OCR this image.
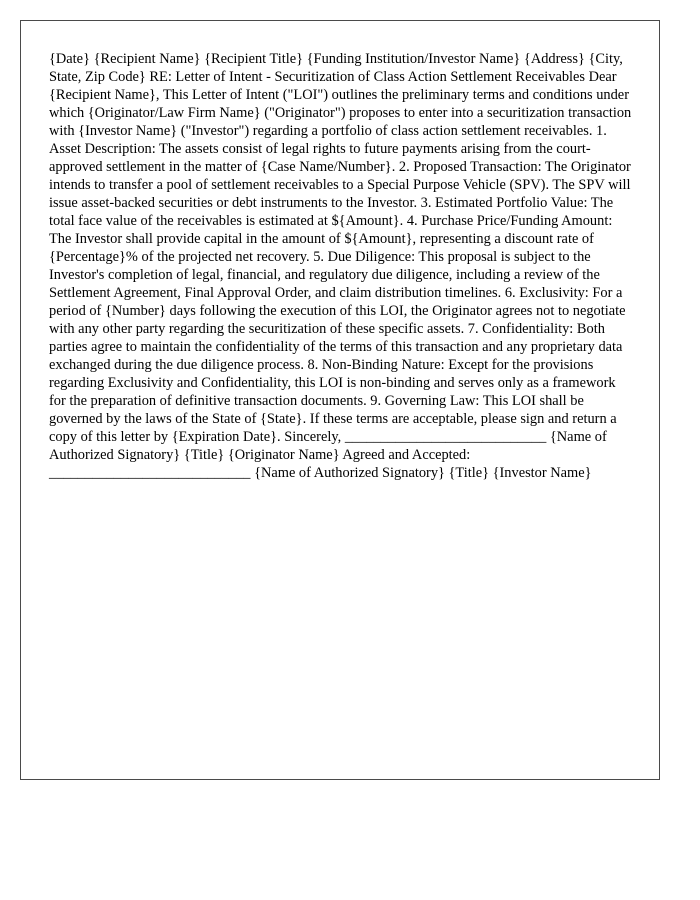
{Date} {Recipient Name} {Recipient Title} {Funding Institution/Investor Name} {Address} {City, State, Zip Code} RE: Letter of Intent - Securitization of Class Action Settlement Receivables Dear {Recipient Name}, This Letter of Intent ("LOI") outlines the preliminary terms and conditions under which {Originator/Law Firm Name} ("Originator") proposes to enter into a securitization transaction with {Investor Name} ("Investor") regarding a portfolio of class action settlement receivables. 1. Asset Description: The assets consist of legal rights to future payments arising from the court-approved settlement in the matter of {Case Name/Number}. 2. Proposed Transaction: The Originator intends to transfer a pool of settlement receivables to a Special Purpose Vehicle (SPV). The SPV will issue asset-backed securities or debt instruments to the Investor. 3. Estimated Portfolio Value: The total face value of the receivables is estimated at ${Amount}. 4. Purchase Price/Funding Amount: The Investor shall provide capital in the amount of ${Amount}, representing a discount rate of {Percentage}% of the projected net recovery. 5. Due Diligence: This proposal is subject to the Investor's completion of legal, financial, and regulatory due diligence, including a review of the Settlement Agreement, Final Approval Order, and claim distribution timelines. 6. Exclusivity: For a period of {Number} days following the execution of this LOI, the Originator agrees not to negotiate with any other party regarding the securitization of these specific assets. 7. Confidentiality: Both parties agree to maintain the confidentiality of the terms of this transaction and any proprietary data exchanged during the due diligence process. 8. Non-Binding Nature: Except for the provisions regarding Exclusivity and Confidentiality, this LOI is non-binding and serves only as a framework for the preparation of definitive transaction documents. 9. Governing Law: This LOI shall be governed by the laws of the State of {State}. If these terms are acceptable, please sign and return a copy of this letter by {Expiration Date}. Sincerely, ____________________________ {Name of Authorized Signatory} {Title} {Originator Name} Agreed and Accepted: ____________________________ {Name of Authorized Signatory} {Title} {Investor Name}
